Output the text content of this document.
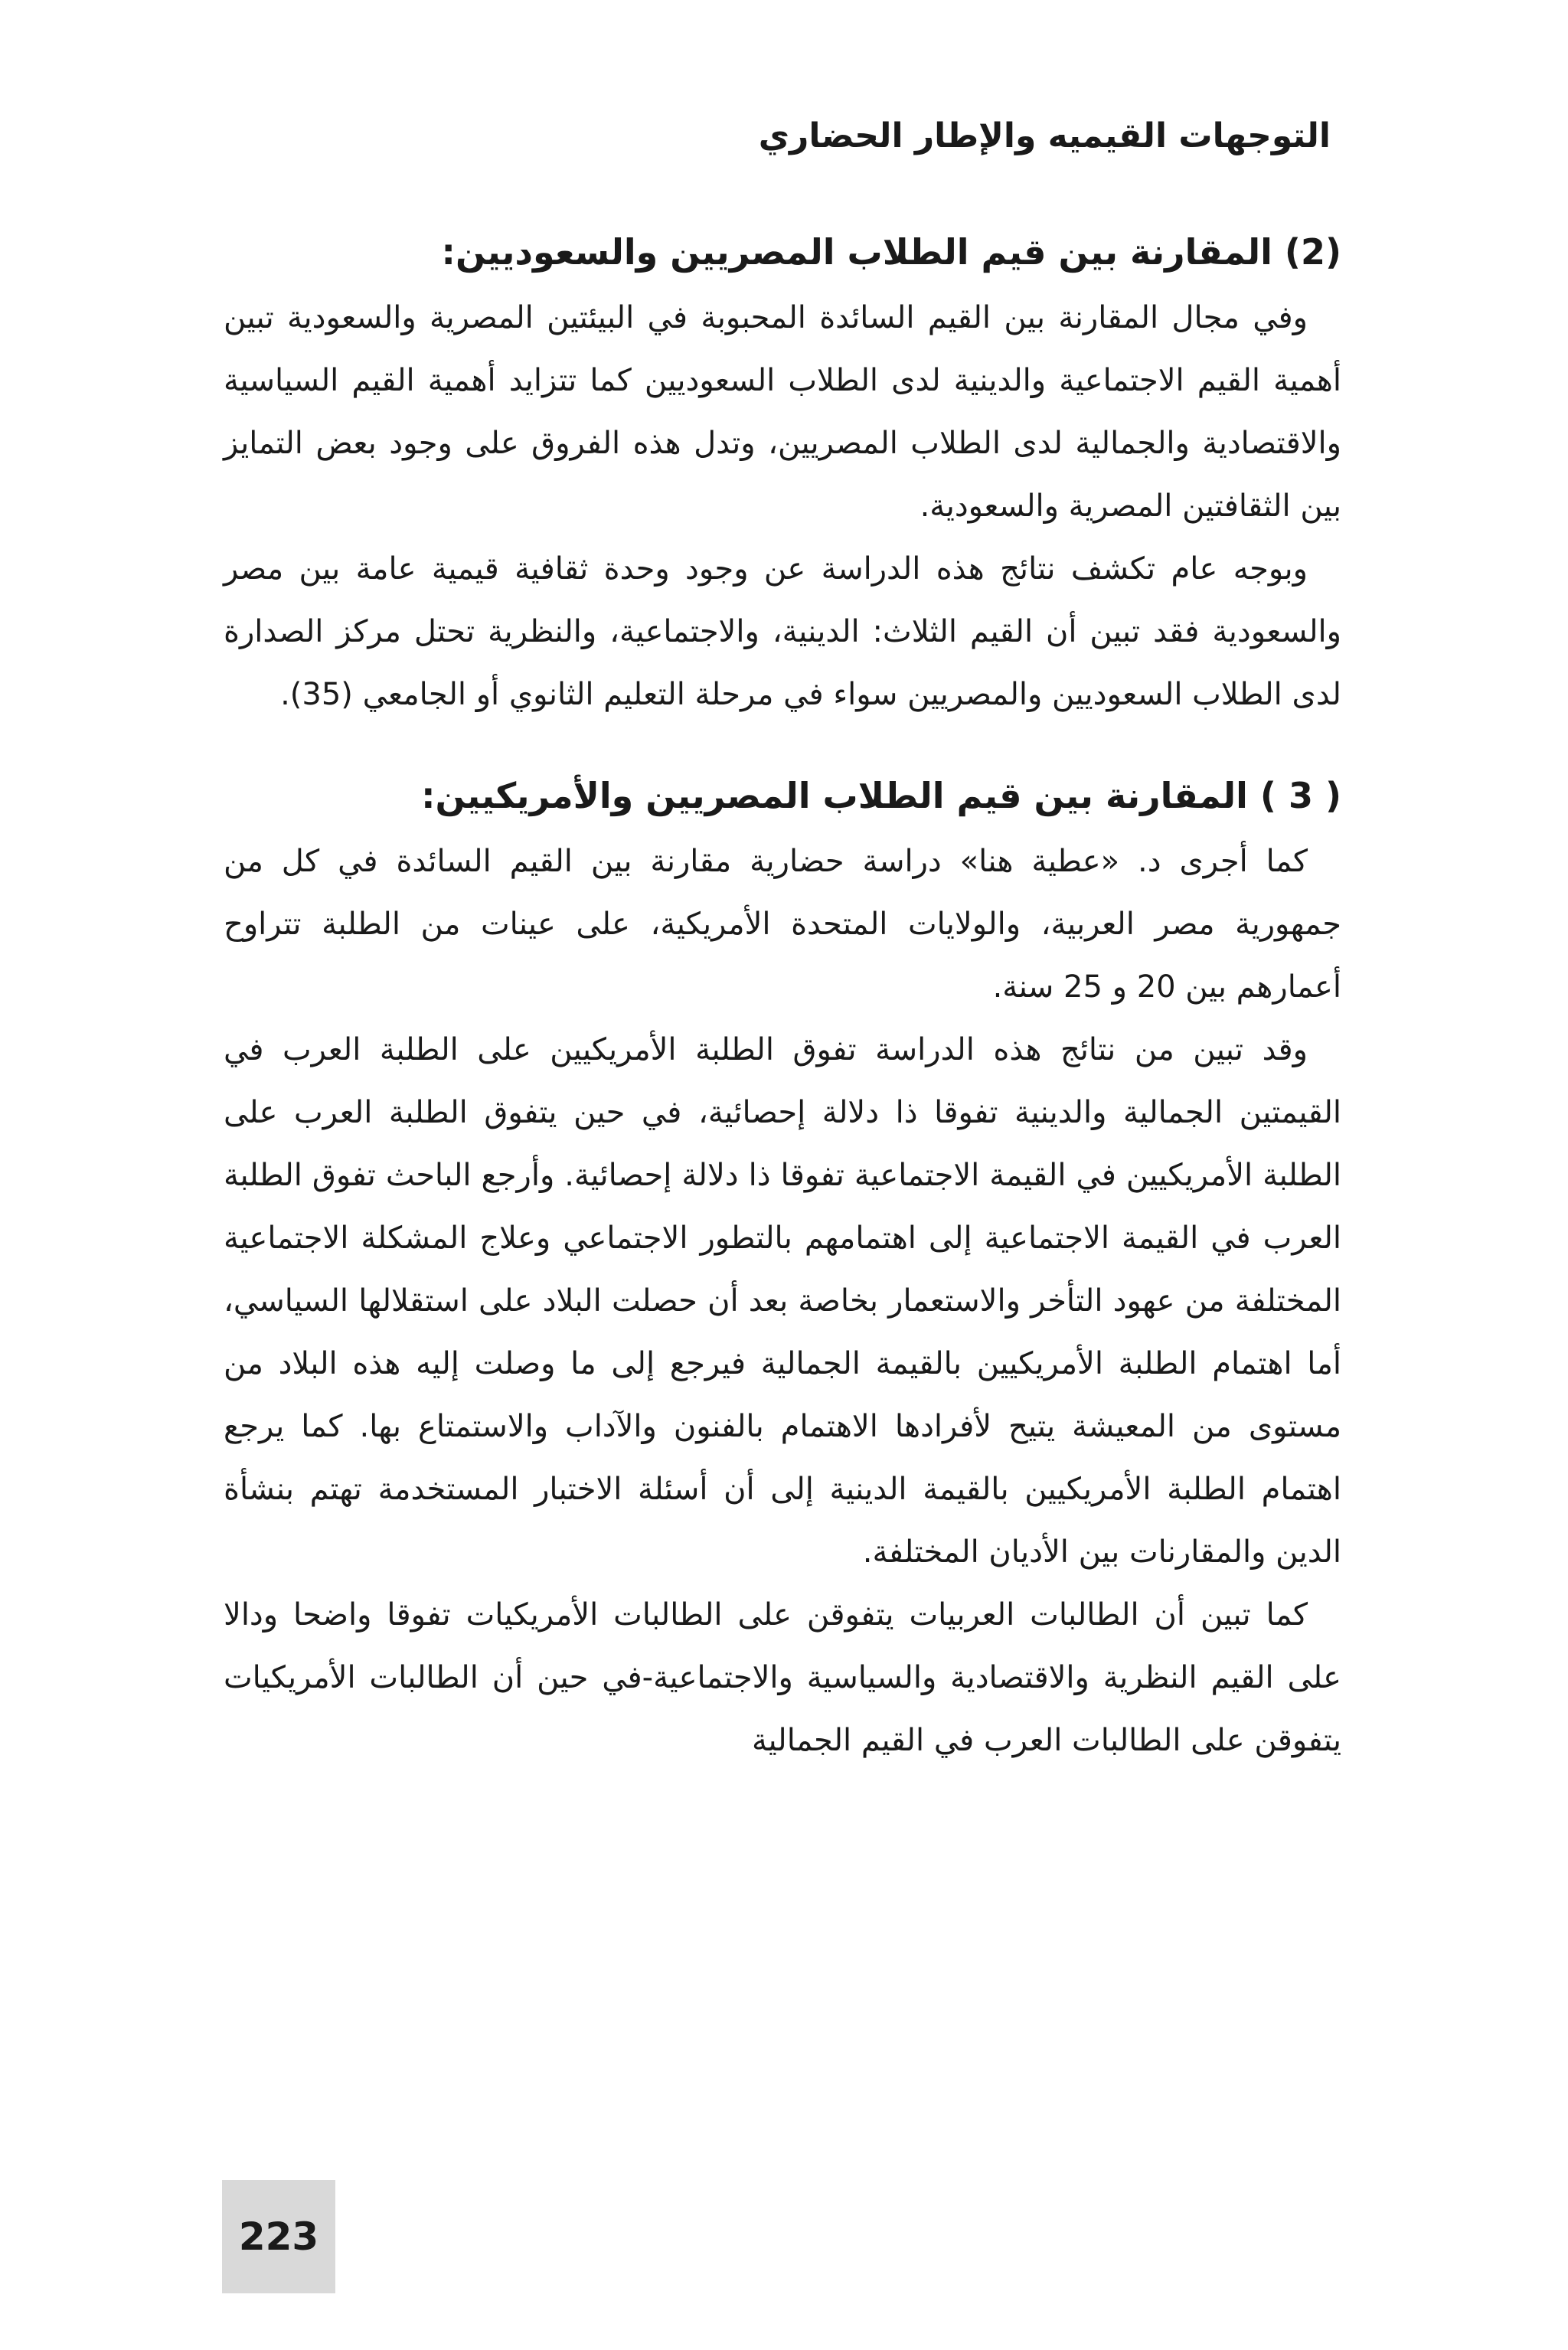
التوجهات القيميه والإطار الحضاري
(2) المقارنة بين قيم الطلاب المصريين والسعوديين:

وفي مجال المقارنة بين القيم السائدة المحبوبة في البيئتين المصرية والسعودية تبين أهمية القيم الاجتماعية والدينية لدى الطلاب السعوديين كما تتزايد أهمية القيم السياسية والاقتصادية والجمالية لدى الطلاب المصريين، وتدل هذه الفروق على وجود بعض التمايز بين الثقافتين المصرية والسعودية.

وبوجه عام تكشف نتائج هذه الدراسة عن وجود وحدة ثقافية قيمية عامة بين مصر والسعودية فقد تبين أن القيم الثلاث: الدينية، والاجتماعية، والنظرية تحتل مركز الصدارة لدى الطلاب السعوديين والمصريين سواء في مرحلة التعليم الثانوي أو الجامعي (35).

( 3 ) المقارنة بين قيم الطلاب المصريين والأمريكيين:

كما أجرى د. «عطية هنا» دراسة حضارية مقارنة بين القيم السائدة في كل من جمهورية مصر العربية، والولايات المتحدة الأمريكية، على عينات من الطلبة تتراوح أعمارهم بين 20 و 25 سنة.

وقد تبين من نتائج هذه الدراسة تفوق الطلبة الأمريكيين على الطلبة العرب في القيمتين الجمالية والدينية تفوقا ذا دلالة إحصائية، في حين يتفوق الطلبة العرب على الطلبة الأمريكيين في القيمة الاجتماعية تفوقا ذا دلالة إحصائية. وأرجع الباحث تفوق الطلبة العرب في القيمة الاجتماعية إلى اهتمامهم بالتطور الاجتماعي وعلاج المشكلة الاجتماعية المختلفة من عهود التأخر والاستعمار بخاصة بعد أن حصلت البلاد على استقلالها السياسي، أما اهتمام الطلبة الأمريكيين بالقيمة الجمالية فيرجع إلى ما وصلت إليه هذه البلاد من مستوى من المعيشة يتيح لأفرادها الاهتمام بالفنون والآداب والاستمتاع بها. كما يرجع اهتمام الطلبة الأمريكيين بالقيمة الدينية إلى أن أسئلة الاختبار المستخدمة تهتم بنشأة الدين والمقارنات بين الأديان المختلفة.

كما تبين أن الطالبات العربيات يتفوقن على الطالبات الأمريكيات تفوقا واضحا ودالا على القيم النظرية والاقتصادية والسياسية والاجتماعية-في حين أن الطالبات الأمريكيات يتفوقن على الطالبات العرب في القيم الجمالية

223
